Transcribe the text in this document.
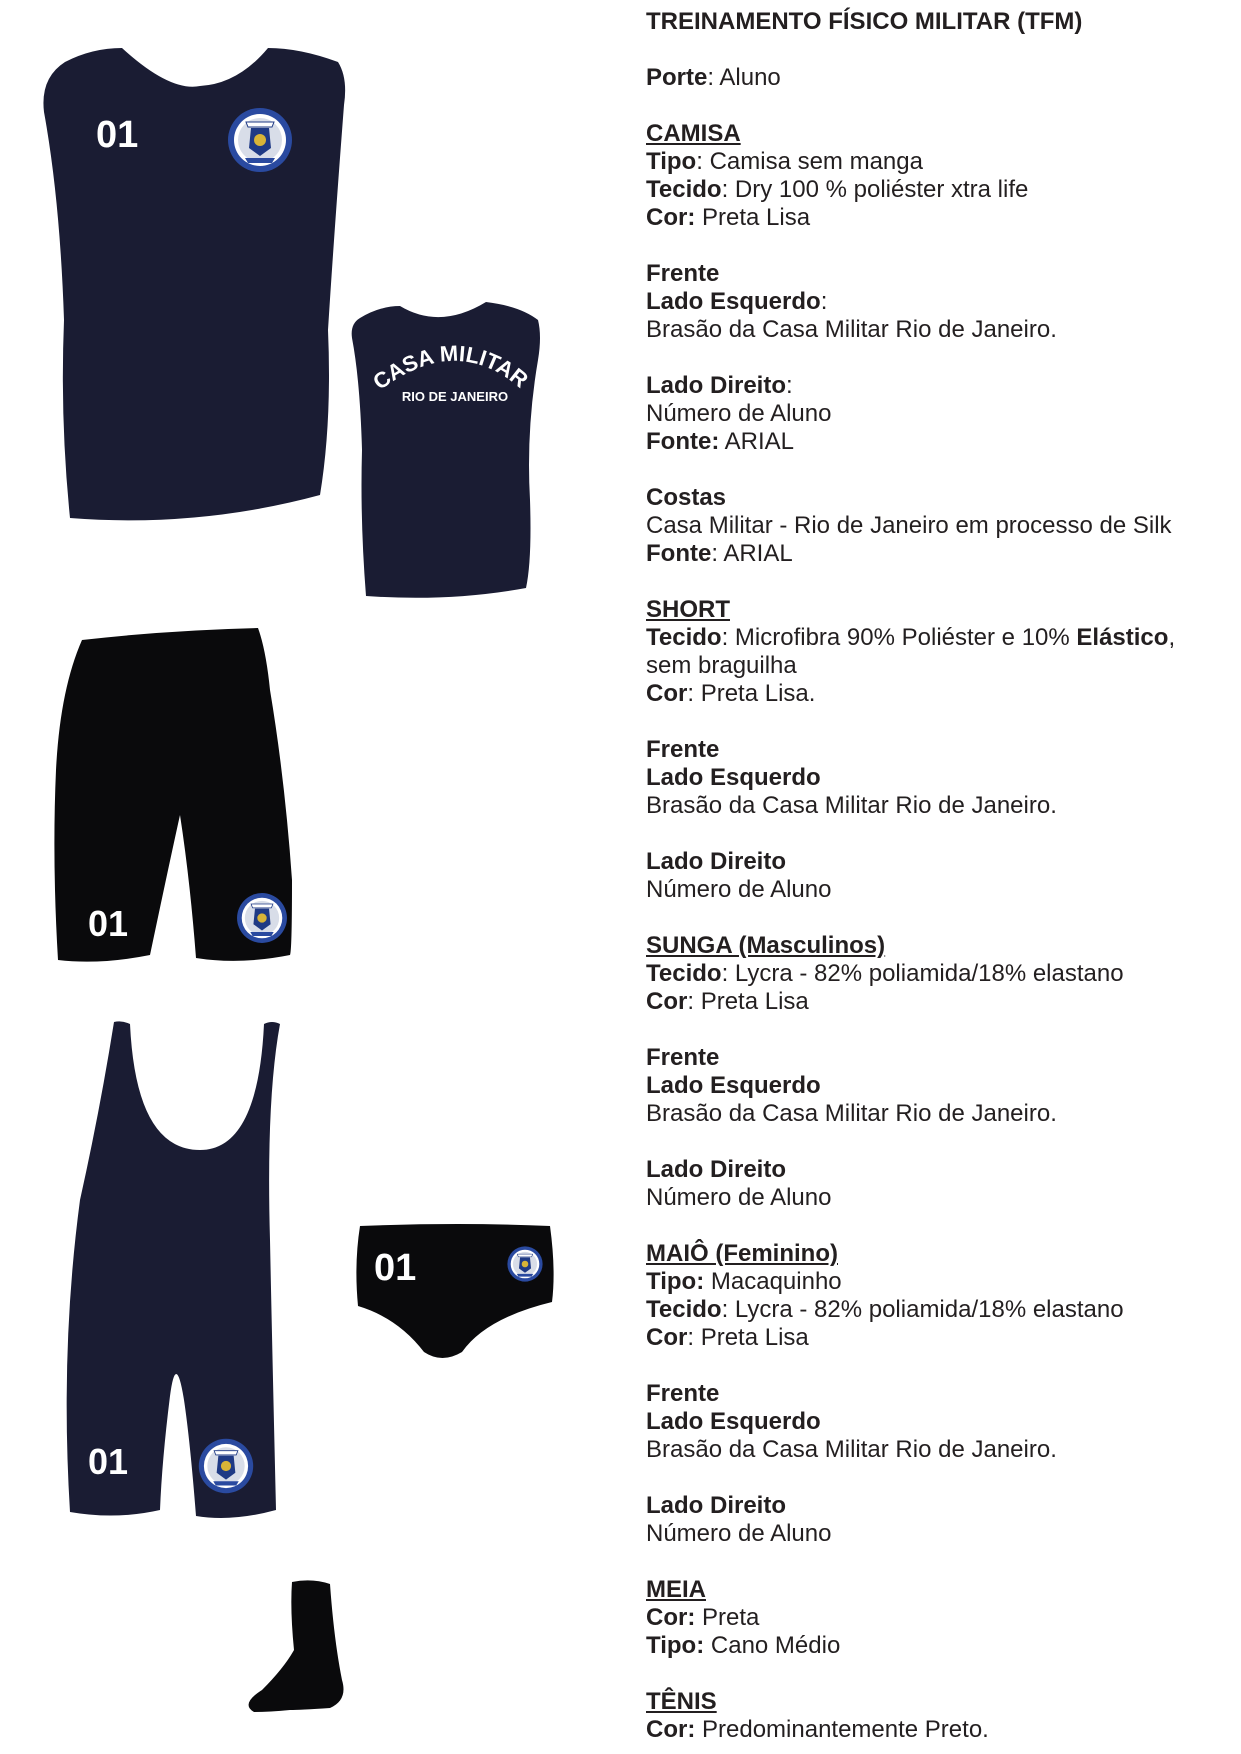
01
CASA MILITAR
RIO DE JANEIRO
01
01
01
TREINAMENTO FÍSICO MILITAR (TFM)
Porte: Aluno
CAMISA
Tipo: Camisa sem manga
Tecido: Dry 100 % poliéster xtra life
Cor: Preta Lisa
Frente
Lado Esquerdo:
Brasão da Casa Militar Rio de Janeiro.
Lado Direito:
Número de Aluno
Fonte: ARIAL
Costas
Casa Militar - Rio de Janeiro em processo de Silk
Fonte: ARIAL
SHORT
Tecido: Microfibra 90% Poliéster e 10% Elástico,
sem braguilha
Cor: Preta Lisa.
Frente
Lado Esquerdo
Brasão da Casa Militar Rio de Janeiro.
Lado Direito
Número de Aluno
SUNGA (Masculinos)
Tecido: Lycra - 82% poliamida/18% elastano
Cor: Preta Lisa
Frente
Lado Esquerdo
Brasão da Casa Militar Rio de Janeiro.
Lado Direito
Número de Aluno
MAIÔ (Feminino)
Tipo: Macaquinho
Tecido: Lycra - 82% poliamida/18% elastano
Cor: Preta Lisa
Frente
Lado Esquerdo
Brasão da Casa Militar Rio de Janeiro.
Lado Direito
Número de Aluno
MEIA
Cor: Preta
Tipo: Cano Médio
TÊNIS
Cor: Predominantemente Preto.
